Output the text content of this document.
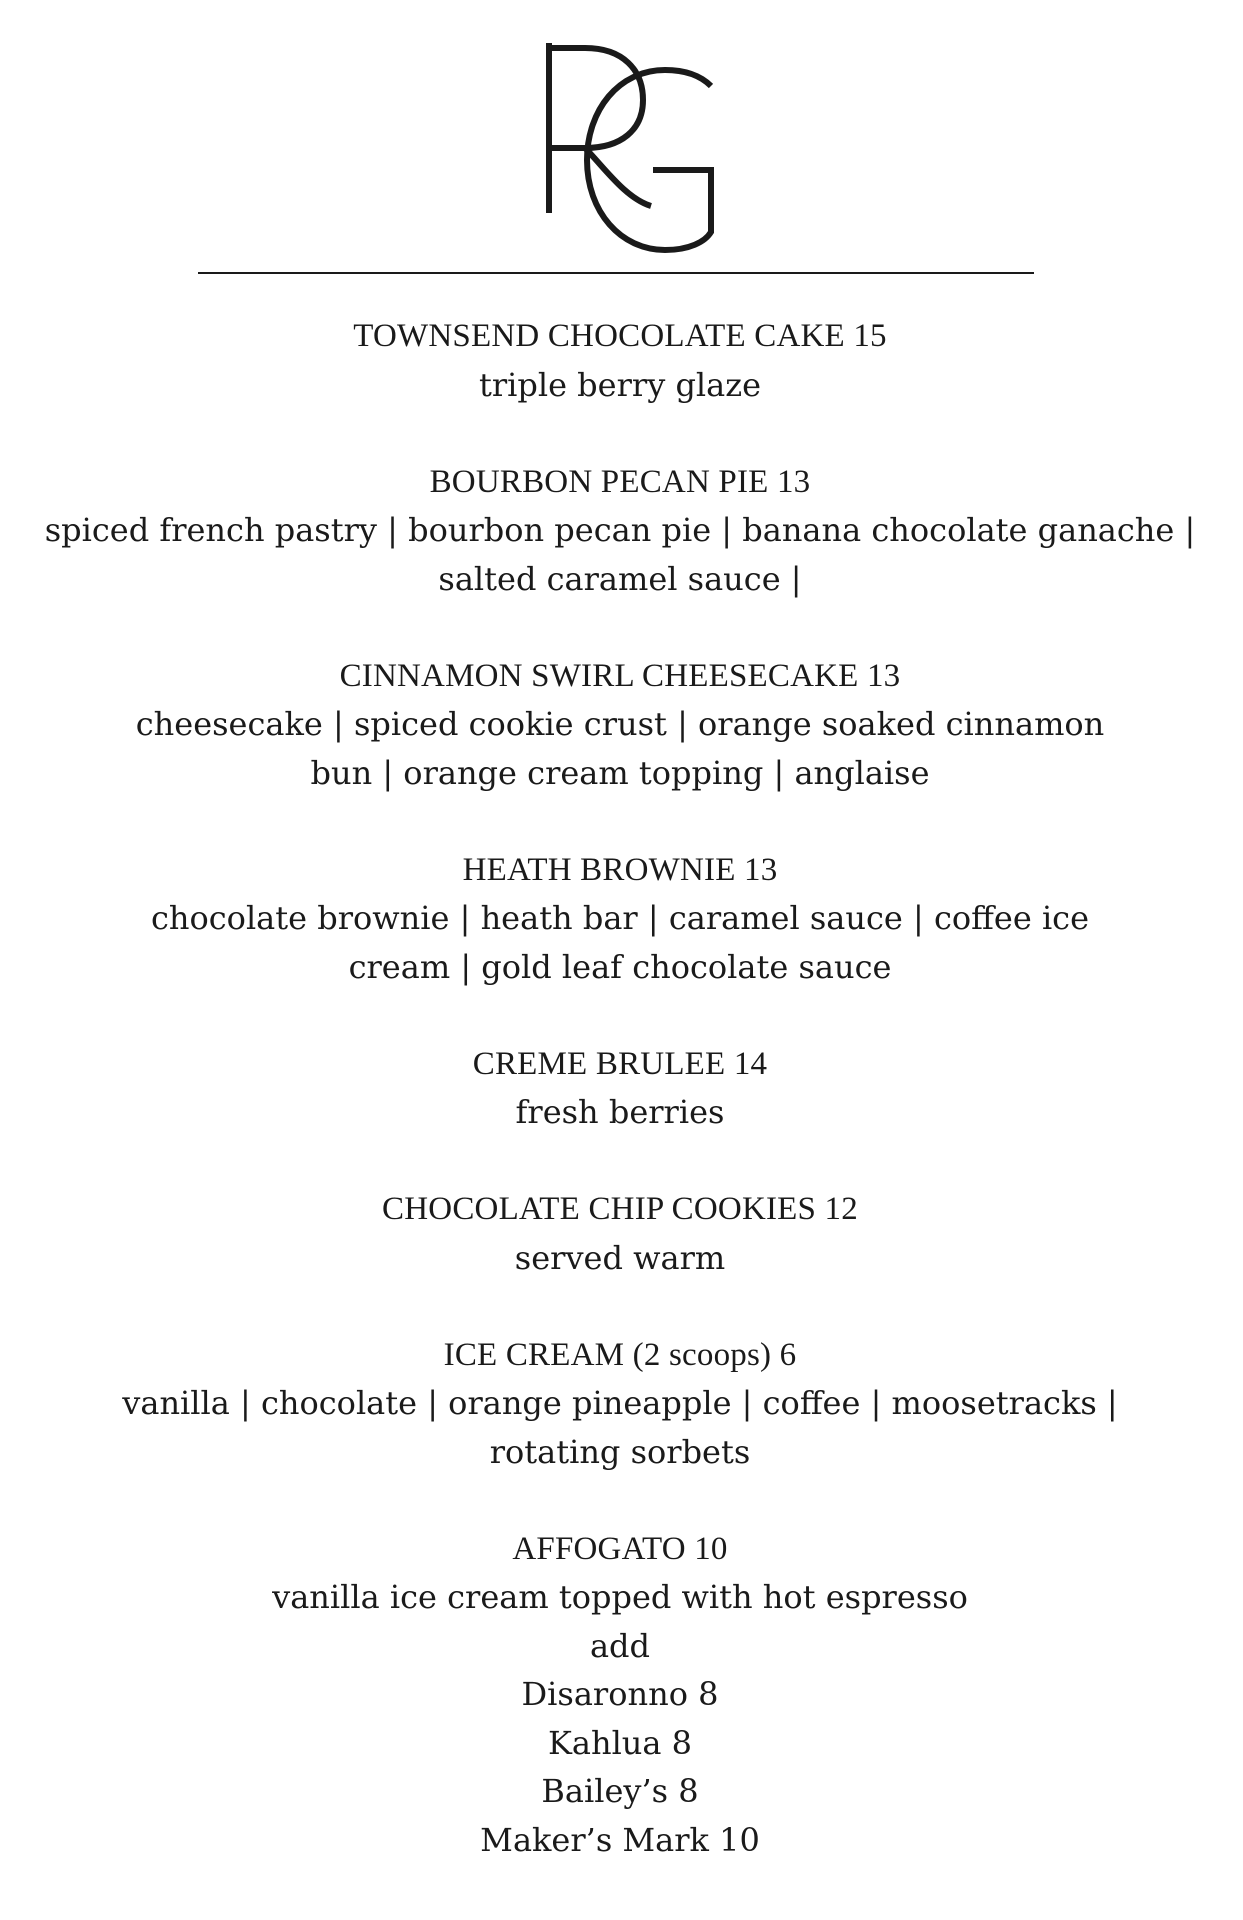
TOWNSEND CHOCOLATE CAKE 15
triple berry glaze
BOURBON PECAN PIE 13
spiced french pastry | bourbon pecan pie | banana chocolate ganache | salted caramel sauce |
CINNAMON SWIRL CHEESECAKE 13
cheesecake | spiced cookie crust | orange soaked cinnamon bun | orange cream topping | anglaise
HEATH BROWNIE 13
chocolate brownie | heath bar | caramel sauce | coffee ice cream | gold leaf chocolate sauce
CREME BRULEE 14
fresh berries
CHOCOLATE CHIP COOKIES 12
served warm
ICE CREAM (2 scoops) 6
vanilla | chocolate | orange pineapple | coffee | moosetracks | rotating sorbets
AFFOGATO 10
vanilla ice cream topped with hot espresso
add
Disaronno 8
Kahlua 8
Bailey’s 8
Maker’s Mark 10
